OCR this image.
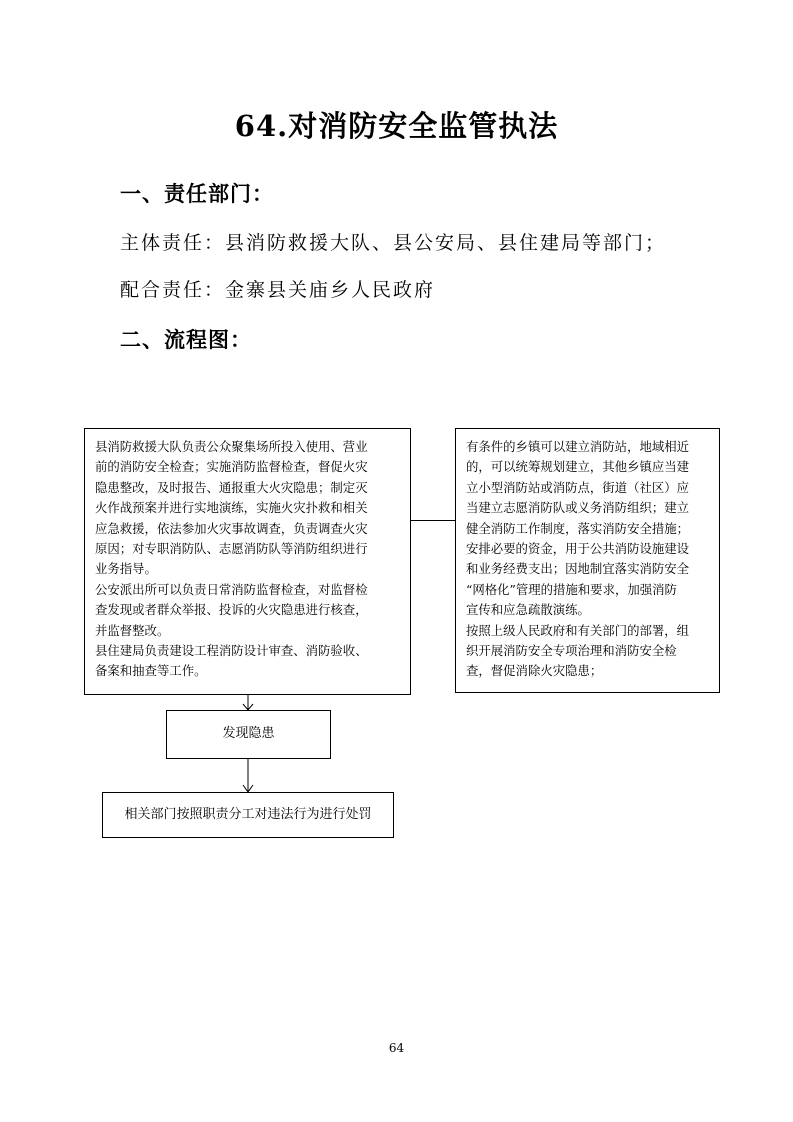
64.对消防安全监管执法
一、责任部门：
主体责任：县消防救援大队、县公安局、县住建局等部门；
配合责任：金寨县关庙乡人民政府
二、流程图：

县消防救援大队负责公众聚集场所投入使用、营业

前的消防安全检查；实施消防监督检查，督促火灾

隐患整改，及时报告、通报重大火灾隐患；制定灭

火作战预案并进行实地演练，实施火灾扑救和相关

应急救援，依法参加火灾事故调查，负责调查火灾

原因；对专职消防队、志愿消防队等消防组织进行

业务指导。

公安派出所可以负责日常消防监督检查，对监督检

查发现或者群众举报、投诉的火灾隐患进行核查，

并监督整改。

县住建局负责建设工程消防设计审查、消防验收、

备案和抽查等工作。

有条件的乡镇可以建立消防站，地域相近

的，可以统筹规划建立，其他乡镇应当建

立小型消防站或消防点，街道（社区）应

当建立志愿消防队或义务消防组织；建立

健全消防工作制度，落实消防安全措施；

安排必要的资金，用于公共消防设施建设

和业务经费支出；因地制宜落实消防安全

“网格化”管理的措施和要求，加强消防

宣传和应急疏散演练。

按照上级人民政府和有关部门的部署，组

织开展消防安全专项治理和消防安全检

查，督促消除火灾隐患；

发现隐患
相关部门按照职责分工对违法行为进行处罚
64
